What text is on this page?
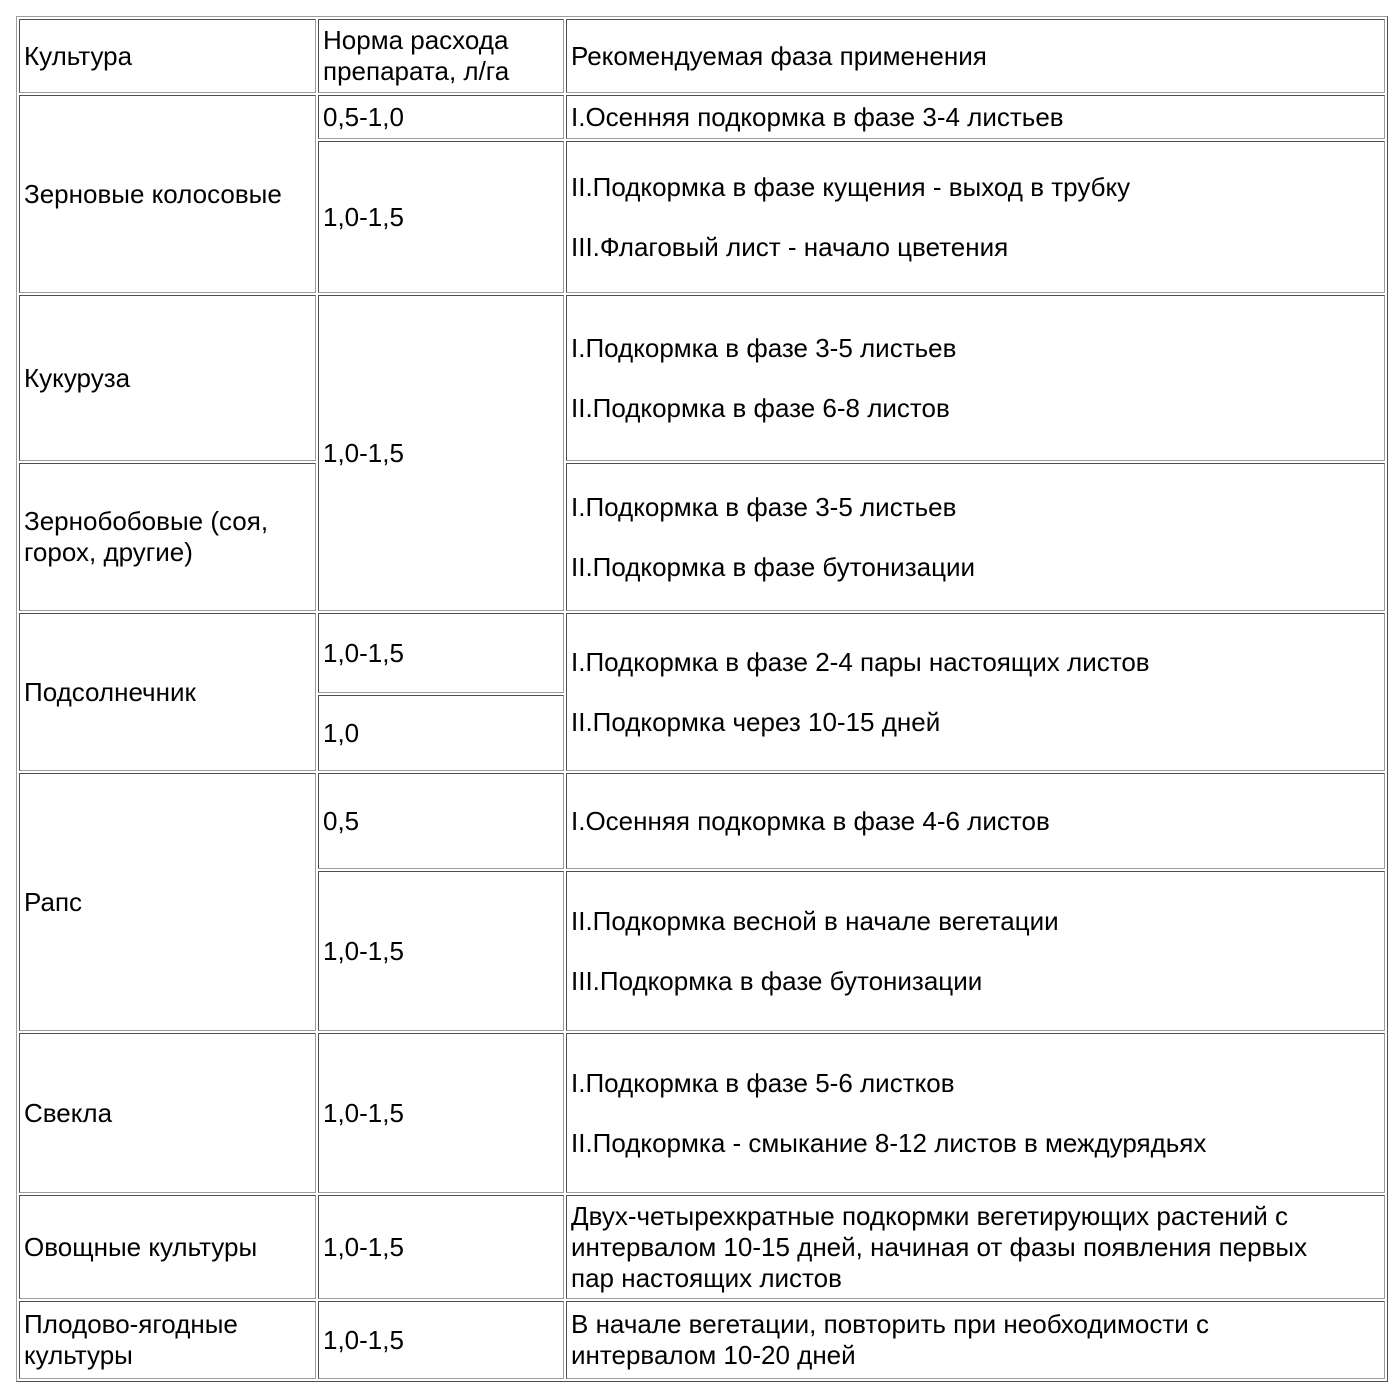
Культура	Норма расхода препарата, л/га	Рекомендуемая фаза применения
Зерновые колосовые	0,5-1,0	I.Осенняя подкормка в фазе 3-4 листьев

	1,0-1,5	II.Подкормка в фазе кущения - выход в трубку
III.Флаговый лист - начало цветения

Кукуруза	1,0-1,5	I.Подкормка в фазе 3-5 листьев
II.Подкормка в фазе 6-8 листов

Зернобобовые (соя, горох, другие)		I.Подкормка в фазе 3-5 листьев
II.Подкормка в фазе бутонизации

Подсолнечник	1,0-1,5	I.Подкормка в фазе 2-4 пары настоящих листов
II.Подкормка через 10-15 дней

	1,0	
Рапс	0,5	I.Осенняя подкормка в фазе 4-6 листов

	1,0-1,5	II.Подкормка весной в начале вегетации
III.Подкормка в фазе бутонизации

Свекла	1,0-1,5	I.Подкормка в фазе 5-6 листков
II.Подкормка - смыкание 8-12 листов в междурядьях

Овощные культуры	1,0-1,5	Двух-четырехкратные подкормки вегетирующих растений с интервалом 10-15 дней, начиная от фазы появления первых пар настоящих листов

Плодово-ягодные культуры	1,0-1,5	В начале вегетации, повторить при необходимости с интервалом 10-20 дней
